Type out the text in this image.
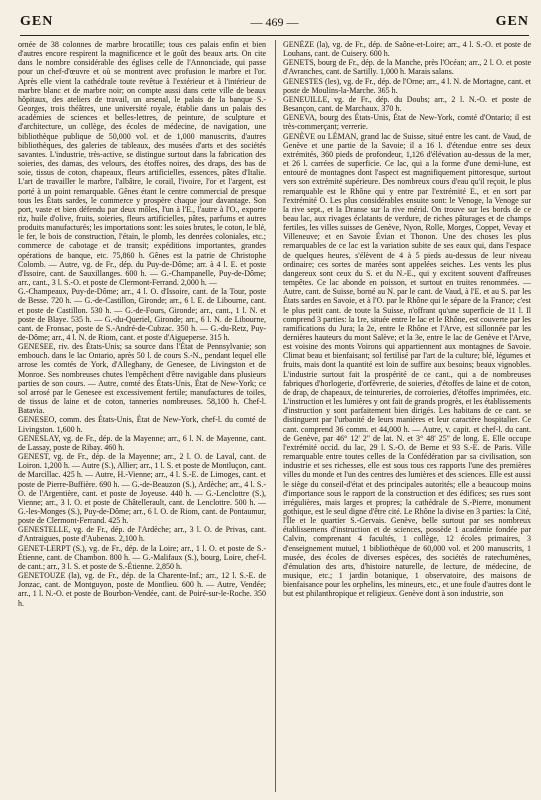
GEN	— 469 —	GEN

ornée de 38 colonnes de marbre brocatille; tous ces palais enfin et bien d'autres encore respirent la magnificence et le goût des beaux arts. On cite dans le nombre considérable des églises celle de l'Annonciade, qui passe pour un chef-d'œuvre et où se montrent avec profusion le marbre et l'or. Après elle vient la cathédrale toute revêtue à l'extérieur et à l'intérieur de marbre blanc et de marbre noir; on compte aussi dans cette ville de beaux hôpitaux, des ateliers de travail, un arsenal, le palais de la banque S.-Georges, trois théâtres, une université royale, établie dans un palais des académies de sciences et belles-lettres, de peinture, de sculpture et d'architecture, un collège, des écoles de médecine, de navigation, une bibliothèque publique de 50,000 vol. et de 1,000 manuscrits, d'autres bibliothèques, des galeries de tableaux, des musées d'arts et des sociétés savantes. L'industrie, très-active, se distingue surtout dans la fabrication des soieries, des damas, des velours, des étoffes noires, des draps, des bas de soie, tissus de coton, chapeaux, fleurs artificielles, essences, pâtes d'Italie. L'art de travailler le marbre, l'albâtre, le corail, l'ivoire, l'or et l'argent, est porté à un point remarquable. Gênes étant le centre commercial de presque tous les États sardes, le commerce y prospère chaque jour davantage. Son port, vaste et bien défendu par deux môles, l'un à l'E., l'autre à l'O., exporte riz, huile d'olive, fruits, soieries, fleurs artificielles, pâtes, parfums et autres produits manufacturés; les importations sont: les soies brutes, le coton, le blé, le fer, le bois de construction, l'étain, le plomb, les denrées coloniales, etc.; commerce de cabotage et de transit; expéditions importantes, grandes opérations de banque, etc. 75,860 h. Gênes est la patrie de Christophe Colomb. — Autre, vg. de Fr., dép. du Puy-de-Dôme; arr. à 4 l. E. et poste d'Issoire, cant. de Sauxillanges. 600 h. — G.-Champanelle, Puy-de-Dôme; arr., cant., 3 l. S.-O. et poste de Clermont-Ferrand. 2,000 h. —

G.-Champeaux, Puy-de-Dôme; arr., 4 l. O. d'Issoire, cant. de la Tour, poste de Besse. 720 h. — G.-de-Castillon, Gironde; arr., 6 l. E. de Libourne, cant. et poste de Castillon. 530 h. — G.-de-Fours, Gironde; arr., cant., 1 l. N. et poste de Blaye. 535 h. — G.-du-Queriel, Gironde; arr., 6 l. N. de Libourne, cant. de Fronsac, poste de S.-André-de-Cubzac. 350 h. — G.-du-Retz, Puy-de-Dôme; arr., 4 l. N. de Riom, cant. et poste d'Aigueperse. 315 h.

GENESEE, riv. des États-Unis; sa source dans l'État de Pennsylvanie; son embouch. dans le lac Ontario, après 50 l. de cours S.-N., pendant lequel elle arrose les comtés de York, d'Alleghany, de Genesee, de Livingston et de Monroe. Ses nombreuses chutes l'empêchent d'être navigable dans plusieurs parties de son cours. — Autre, comté des États-Unis, État de New-York; ce sol arrosé par le Genesee est excessivement fertile; manufactures de toiles, de tissus de laine et de coton, tanneries nombreuses. 58,100 h. Chef-l. Batavia.

GENESEO, comm. des États-Unis, État de New-York, chef-l. du comté de Livingston. 1,600 h.

GENESLAY, vg. de Fr., dép. de la Mayenne; arr., 6 l. N. de Mayenne, cant. de Lassay, poste de Ribay. 460 h.

GENEST, vg. de Fr., dép. de la Mayenne; arr., 2 l. O. de Laval, cant. de Loiron. 1,200 h. — Autre (S.), Allier; arr., 1 l. S. et poste de Montluçon, cant. de Marcillac. 425 h. — Autre, H.-Vienne; arr., 4 l. S.-E. de Limoges, cant. et poste de Pierre-Buffière. 690 h. — G.-de-Beauzon (S.), Ardèche; arr., 4 l. S.-O. de l'Argentière, cant. et poste de Joyeuse. 440 h. — G.-Lenclottre (S.), Vienne; arr., 3 l. O. et poste de Châtellerault, cant. de Lenclottre. 500 h. — G.-les-Monges (S.), Puy-de-Dôme; arr., 6 l. O. de Riom, cant. de Pontaumur, poste de Clermont-Ferrand. 425 h.

GENESTELLE, vg. de Fr., dép. de l'Ardèche; arr., 3 l. O. de Privas, cant. d'Antraigues, poste d'Aubenas. 2,100 h.

GENET-LERPT (S.), vg. de Fr., dép. de la Loire; arr., 1 l. O. et poste de S.-Étienne, cant. de Chambon. 800 h. — G.-Malifaux (S.), bourg, Loire, chef-l. de cant.; arr., 3 l. S. et poste de S.-Étienne. 2,850 h.

GENETOUZE (la), vg. de Fr., dép. de la Charente-Inf.; arr., 12 l. S.-E. de Jonzac, cant. de Montguyon, poste de Montlieu. 600 h. — Autre, Vendée; arr., 1 l. N.-O. et poste de Bourbon-Vendée, cant. de Poiré-sur-le-Roche. 350 h.

GENÈZE (la), vg. de Fr., dép. de Saône-et-Loire; arr., 4 l. S.-O. et poste de Louhans, cant. de Cuisery. 600 h.

GENETS, bourg de Fr., dép. de la Manche, près l'Océan; arr., 2 l. O. et poste d'Avranches, cant. de Sartilly. 1,000 h. Marais salans.

GENESTES (les), vg. de Fr., dép. de l'Orne; arr., 4 l. N. de Mortagne, cant. et poste de Moulins-la-Marche. 365 h.

GENEUILLE, vg. de Fr., dép. du Doubs; arr., 2 l. N.-O. et poste de Besançon, cant. de Marchaux. 370 h.

GENEVA, bourg des États-Unis, État de New-York, comté d'Ontario; il est très-commerçant; verrerie.

GENÈVE ou LÉMAN, grand lac de Suisse, situé entre les cant. de Vaud, de Genève et une partie de la Savoie; il a 16 l. d'étendue entre ses deux extrémités, 360 pieds de profondeur, 1,126 d'élévation au-dessus de la mer, et 26 l. carrées de superficie. Ce lac, qui a la forme d'une demi-lune, est entouré de montagnes dont l'aspect est magnifiquement pittoresque, surtout vers son extrémité supérieure. Des nombreux cours d'eau qu'il reçoit, le plus remarquable est le Rhône qui y entre par l'extrémité E., et en sort par l'extrémité O. Les plus considérables ensuite sont: le Venoge, la Venoge sur la rive sept., et la Dranse sur la rive mérid. On trouve sur les bords de ce beau lac, aux rivages éclatants de verdure, de riches pâturages et de champs fertiles, les villes suisses de Genève, Nyon, Rolle, Morges, Coppet, Vevay et Villeneuve; et en Savoie Évian et Thonon. Une des choses les plus remarquables de ce lac est la variation subite de ses eaux qui, dans l'espace de quelques heures, s'élèvent de 4 à 5 pieds au-dessus de leur niveau ordinaire; ces sortes de marées sont appelées seiches. Les vents les plus dangereux sont ceux du S. et du N.-E., qui y excitent souvent d'affreuses tempêtes. Ce lac abonde en poisson, et surtout en truites renommées. — Autre, cant. de Suisse, borné au N. par le cant. de Vaud, à l'E. et au S. par les États sardes en Savoie, et à l'O. par le Rhône qui le sépare de la France; c'est le plus petit cant. de toute la Suisse, n'offrant qu'une superficie de 11 l. Il comprend 3 parties: la 1re, située entre le lac et le Rhône, est couverte par les ramifications du Jura; la 2e, entre le Rhône et l'Arve, est sillonnée par les dernières hauteurs du mont Salève; et la 3e, entre le lac de Genève et l'Arve, est voisine des monts Voirons qui appartiennent aux montagnes de Savoie. Climat beau et bienfaisant; sol fertilisé par l'art de la culture; blé, légumes et fruits, mais dont la quantité est loin de suffire aux besoins; beaux vignobles. L'industrie surtout fait la prospérité de ce cant., qui a de nombreuses fabriques d'horlogerie, d'orfèvrerie, de soieries, d'étoffes de laine et de coton, de drap, de chapeaux, de teintureries, de corroieries, d'étoffes imprimées, etc. L'instruction et les lumières y ont fait de grands progrès, et les établissements d'instruction y sont parfaitement bien dirigés. Les habitans de ce cant. se distinguent par l'urbanité de leurs manières et leur caractère hospitalier. Ce cant. comprend 36 comm. et 44,000 h. — Autre, v. capit. et chef-l. du cant. de Genève, par 46° 12' 2" de lat. N. et 3° 48' 25" de long. E. Elle occupe l'extrémité occid. du lac, 29 l. S.-O. de Berne et 93 S.-E. de Paris. Ville remarquable entre toutes celles de la Confédération par sa civilisation, son industrie et ses richesses, elle est sous tous ces rapports l'une des premières villes du monde et l'un des centres des lumières et des sciences. Elle est aussi le siège du conseil-d'état et des principales autorités; elle a beaucoup moins d'importance sous le rapport de la construction et des édifices; ses rues sont irrégulières, mais larges et propres; la cathédrale de S.-Pierre, monument gothique, est le seul digne d'être cité. Le Rhône la divise en 3 parties: la Cité, l'Île et le quartier S.-Gervais. Genève, belle surtout par ses nombreux établissemens d'instruction et de sciences, possède 1 académie fondée par Calvin, comprenant 4 facultés, 1 collège, 12 écoles primaires, 3 d'enseignement mutuel, 1 bibliothèque de 60,000 vol. et 200 manuscrits, 1 musée, des écoles de diverses espèces, des sociétés de ratechumènes, d'émulation des arts, d'histoire naturelle, de lecture, de médecine, de musique, etc.; 1 jardin botanique, 1 observatoire, des maisons de bienfaisance pour les orphelins, les mineurs, etc., et une foule d'autres dont le but est philanthropique et religieux. Genève dont à son industrie, son
